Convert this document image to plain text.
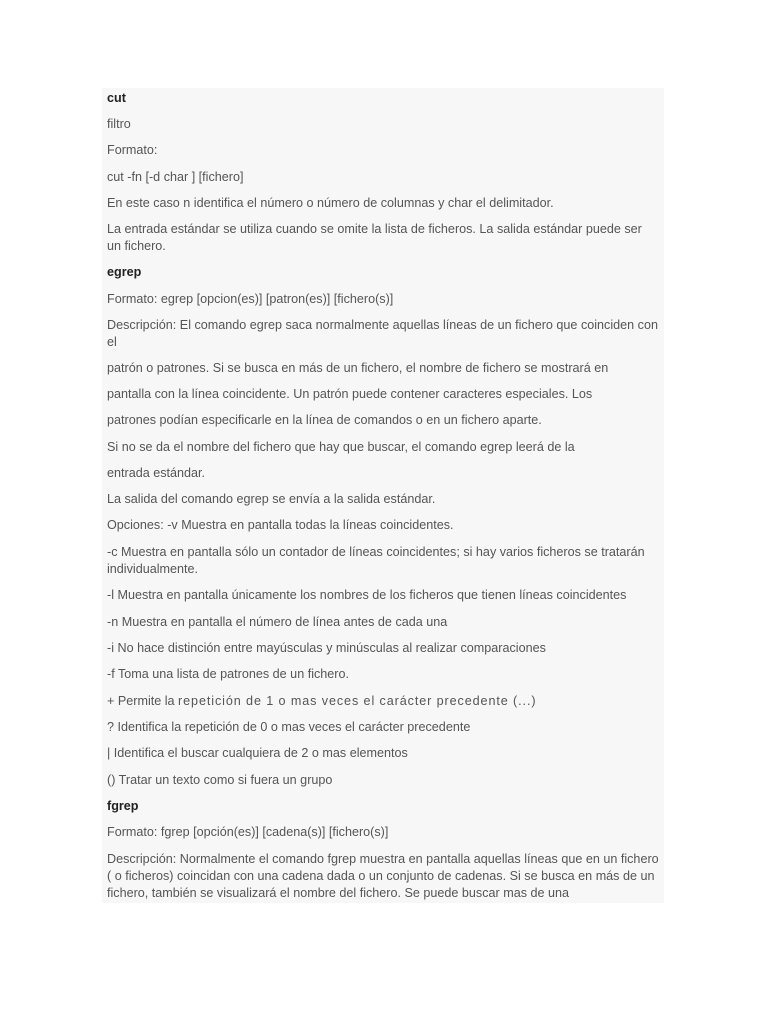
cut

filtro

Formato:

cut -fn [-d char ] [fichero]

En este caso n identifica el número o número de columnas y char el delimitador.

La entrada estándar se utiliza cuando se omite la lista de ficheros. La salida estándar puede ser un fichero.

egrep

Formato: egrep [opcion(es)] [patron(es)] [fichero(s)]

Descripción: El comando egrep saca normalmente aquellas líneas de un fichero que coinciden con el

patrón o patrones. Si se busca en más de un fichero, el nombre de fichero se mostrará en

pantalla con la línea coincidente. Un patrón puede contener caracteres especiales. Los

patrones podían especificarle en la línea de comandos o en un fichero aparte.

Si no se da el nombre del fichero que hay que buscar, el comando egrep leerá de la

entrada estándar.

La salida del comando egrep se envía a la salida estándar.

Opciones: -v Muestra en pantalla todas la líneas coincidentes.

-c Muestra en pantalla sólo un contador de líneas coincidentes; si hay varios ficheros se tratarán individualmente.

-l Muestra en pantalla únicamente los nombres de los ficheros que tienen líneas coincidentes

-n Muestra en pantalla el número de línea antes de cada una

-i No hace distinción entre mayúsculas y minúsculas al realizar comparaciones

-f Toma una lista de patrones de un fichero.

+ Permite la repetición de 1 o mas veces el carácter precedente (...)

? Identifica la repetición de 0 o mas veces el carácter precedente

| Identifica el buscar cualquiera de 2 o mas elementos

() Tratar un texto como si fuera un grupo

fgrep

Formato: fgrep [opción(es)] [cadena(s)] [fichero(s)]

Descripción: Normalmente el comando fgrep muestra en pantalla aquellas líneas que en un fichero ( o ficheros) coincidan con una cadena dada o un conjunto de cadenas. Si se busca en más de un fichero, también se visualizará el nombre del fichero. Se puede buscar mas de una
